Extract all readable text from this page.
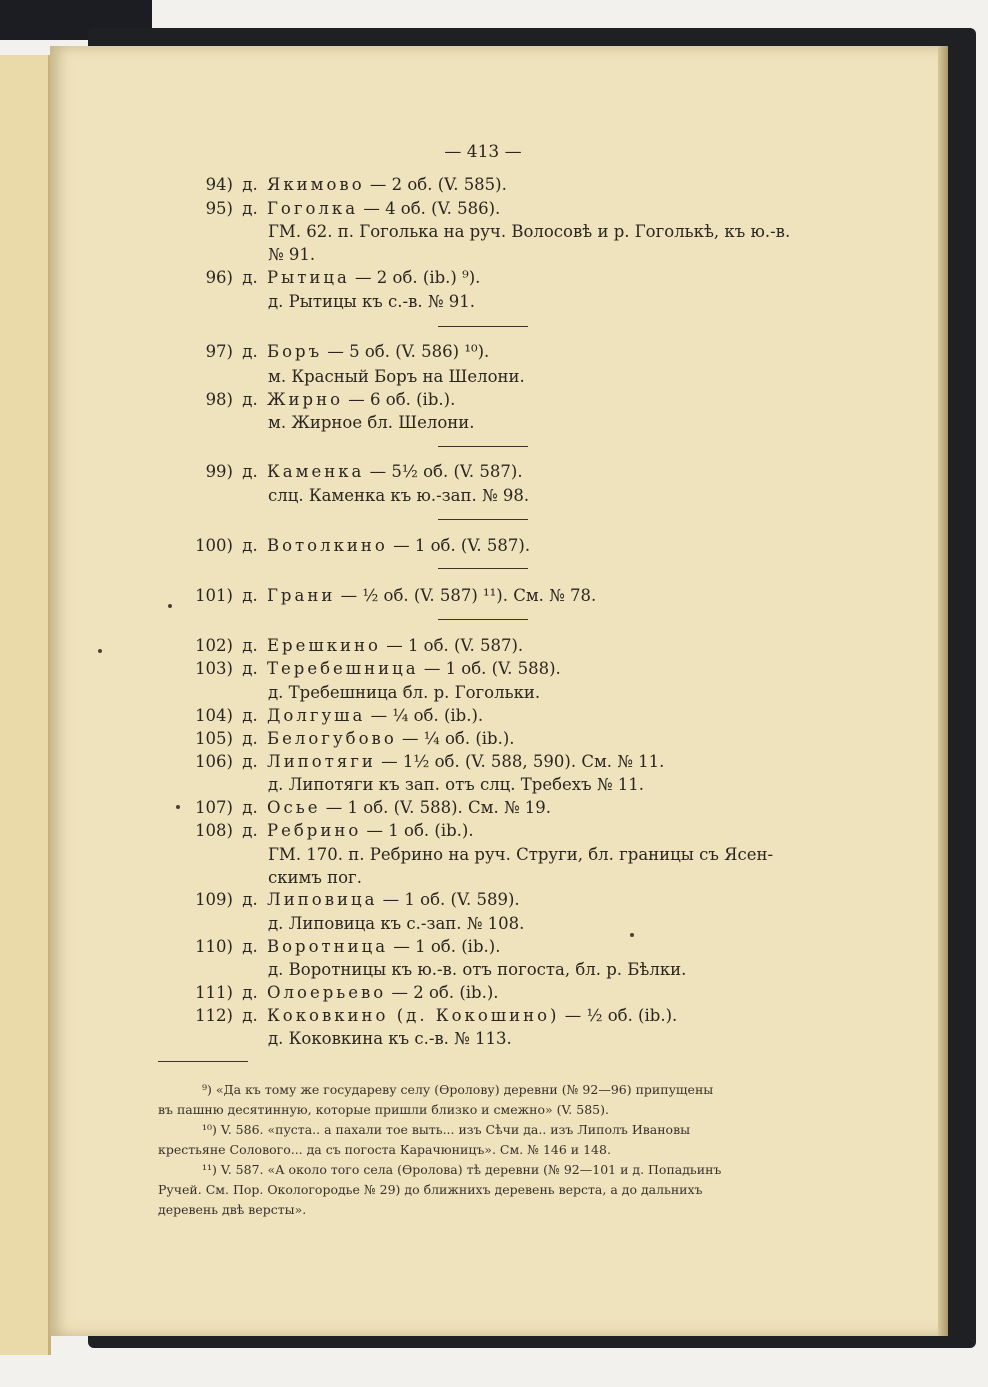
— 413 —
94) д. Якимово — 2 об. (V. 585).
95) д. Гоголка — 4 об. (V. 586).
ГМ. 62. п. Гоголька на руч. Волосовѣ и р. Гоголькѣ, къ ю.-в.
№ 91.
96) д. Рытица — 2 об. (ib.) ⁹).
д. Рытицы къ с.-в. № 91.
97) д. Боръ — 5 об. (V. 586) ¹⁰).
м. Красный Боръ на Шелони.
98) д. Жирно — 6 об. (ib.).
м. Жирное бл. Шелони.
99) д. Каменка — 5½ об. (V. 587).
слц. Каменка къ ю.-зап. № 98.
100) д. Вотолкино — 1 об. (V. 587).
101) д. Грани — ½ об. (V. 587) ¹¹). См. № 78.
102) д. Ерешкино — 1 об. (V. 587).
103) д. Теребешница — 1 об. (V. 588).
д. Требешница бл. р. Гогольки.
104) д. Долгуша — ¼ об. (ib.).
105) д. Белогубово — ¼ об. (ib.).
106) д. Липотяги — 1½ об. (V. 588, 590). См. № 11.
д. Липотяги къ зап. отъ слц. Требехъ № 11.
107) д. Осье — 1 об. (V. 588). См. № 19.
108) д. Ребрино — 1 об. (ib.).
ГМ. 170. п. Ребрино на руч. Струги, бл. границы съ Ясен-
скимъ пог.
109) д. Липовица — 1 об. (V. 589).
д. Липовица къ с.-зап. № 108.
110) д. Воротница — 1 об. (ib.).
д. Воротницы къ ю.-в. отъ погоста, бл. р. Бѣлки.
111) д. Олоерьево — 2 об. (ib.).
112) д. Коковкино (д. Кокошино) — ½ об. (ib.).
д. Коковкина къ с.-в. № 113.
⁹) «Да къ тому же государеву селу (Ѳролову) деревни (№ 92—96) припущены
въ пашню десятинную, которые пришли близко и смежно» (V. 585).
¹⁰) V. 586. «пуста.. а пахали тое выть... изъ Сѣчи да.. изъ Липолъ Ивановы
крестьяне Солового... да съ погоста Карачюницъ». См. № 146 и 148.
¹¹) V. 587. «А около того села (Ѳролова) тѣ деревни (№ 92—101 и д. Попадьинъ
Ручей. См. Пор. Окологородье № 29) до ближнихъ деревень верста, а до дальнихъ
деревень двѣ версты».
